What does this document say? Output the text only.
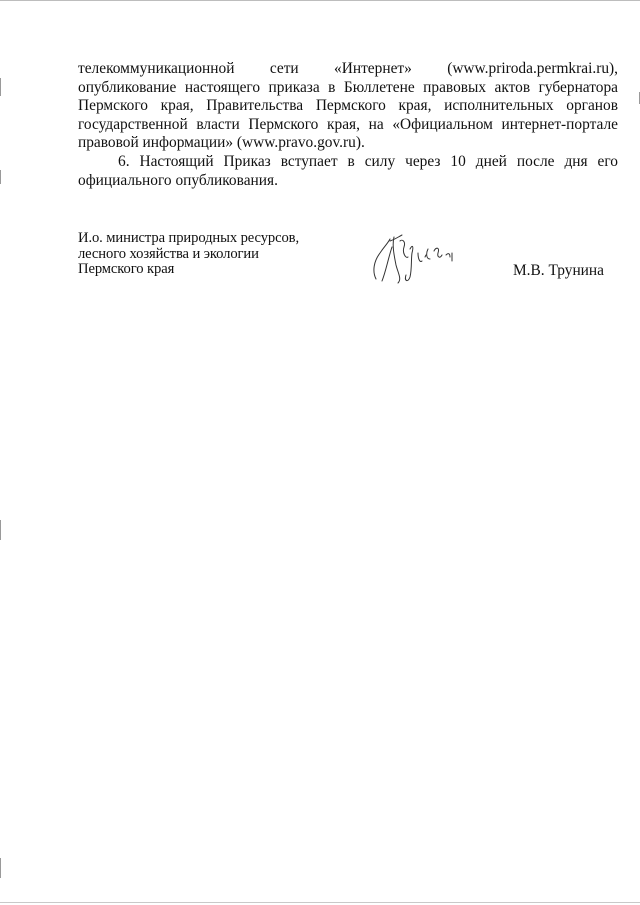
телекоммуникационной сети «Интернет» (www.priroda.permkrai.ru), опубликование настоящего приказа в Бюллетене правовых актов губернатора Пермского края, Правительства Пермского края, исполнительных органов государственной власти Пермского края, на «Официальном интернет-портале правовой информации» (www.pravo.gov.ru).

6. Настоящий Приказ вступает в силу через 10 дней после дня его официального опубликования.

И.о. министра природных ресурсов,
лесного хозяйства и экологии
Пермского края	М.В. Трунина
